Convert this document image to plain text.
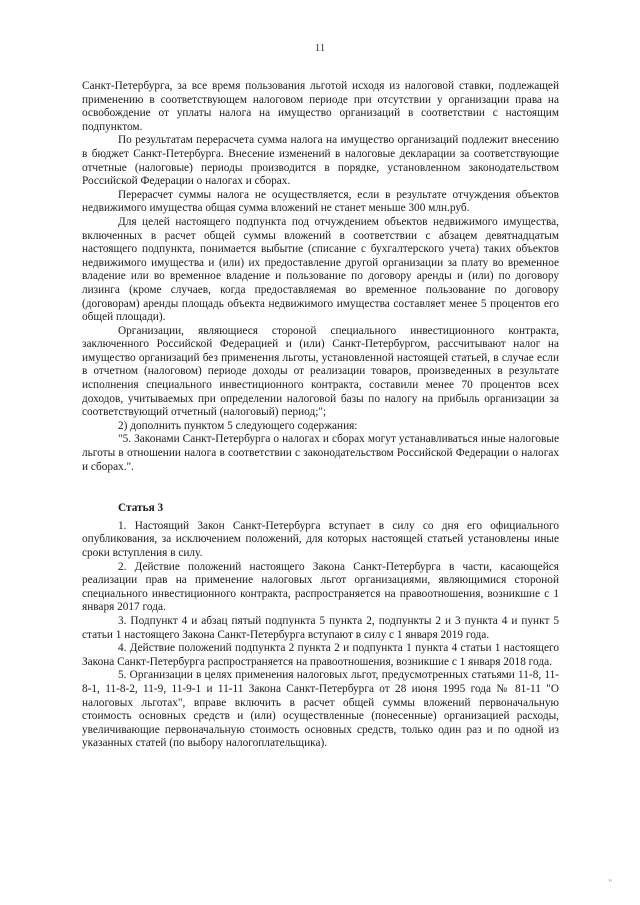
11

Санкт-Петербурга, за все время пользования льготой исходя из налоговой ставки, подлежащей применению в соответствующем налоговом периоде при отсутствии у организации права на освобождение от уплаты налога на имущество организаций в соответствии с настоящим подпунктом.

По результатам перерасчета сумма налога на имущество организаций подлежит внесению в бюджет Санкт-Петербурга. Внесение изменений в налоговые декларации за соответствующие отчетные (налоговые) периоды производится в порядке, установленном законодательством Российской Федерации о налогах и сборах.

Перерасчет суммы налога не осуществляется, если в результате отчуждения объектов недвижимого имущества общая сумма вложений не станет меньше 300 млн.руб.

Для целей настоящего подпункта под отчуждением объектов недвижимого имущества, включенных в расчет общей суммы вложений в соответствии с абзацем девятнадцатым настоящего подпункта, понимается выбытие (списание с бухгалтерского учета) таких объектов недвижимого имущества и (или) их предоставление другой организации за плату во временное владение или во временное владение и пользование по договору аренды и (или) по договору лизинга (кроме случаев, когда предоставляемая во временное пользование по договору (договорам) аренды площадь объекта недвижимого имущества составляет менее 5 процентов его общей площади).

Организации, являющиеся стороной специального инвестиционного контракта, заключенного Российской Федерацией и (или) Санкт-Петербургом, рассчитывают налог на имущество организаций без применения льготы, установленной настоящей статьей, в случае если в отчетном (налоговом) периоде доходы от реализации товаров, произведенных в результате исполнения специального инвестиционного контракта, составили менее 70 процентов всех доходов, учитываемых при определении налоговой базы по налогу на прибыль организации за соответствующий отчетный (налоговый) период;";

2) дополнить пунктом 5 следующего содержания:

"5. Законами Санкт-Петербурга о налогах и сборах могут устанавливаться иные налоговые льготы в отношении налога в соответствии с законодательством Российской Федерации о налогах и сборах.".

Статья 3

1. Настоящий Закон Санкт-Петербурга вступает в силу со дня его официального опубликования, за исключением положений, для которых настоящей статьей установлены иные сроки вступления в силу.

2. Действие положений настоящего Закона Санкт-Петербурга в части, касающейся реализации прав на применение налоговых льгот организациями, являющимися стороной специального инвестиционного контракта, распространяется на правоотношения, возникшие с 1 января 2017 года.

3. Подпункт 4 и абзац пятый подпункта 5 пункта 2, подпункты 2 и 3 пункта 4 и пункт 5 статьи 1 настоящего Закона Санкт-Петербурга вступают в силу с 1 января 2019 года.

4. Действие положений подпункта 2 пункта 2 и подпункта 1 пункта 4 статьи 1 настоящего Закона Санкт-Петербурга распространяется на правоотношения, возникшие с 1 января 2018 года.

5. Организации в целях применения налоговых льгот, предусмотренных статьями 11-8, 11-8-1, 11-8-2, 11-9, 11-9-1 и 11-11 Закона Санкт-Петербурга от 28 июня 1995 года № 81-11 "О налоговых льготах", вправе включить в расчет общей суммы вложений первоначальную стоимость основных средств и (или) осуществленные (понесенные) организацией расходы, увеличивающие первоначальную стоимость основных средств, только один раз и по одной из указанных статей (по выбору налогоплательщика).

"
